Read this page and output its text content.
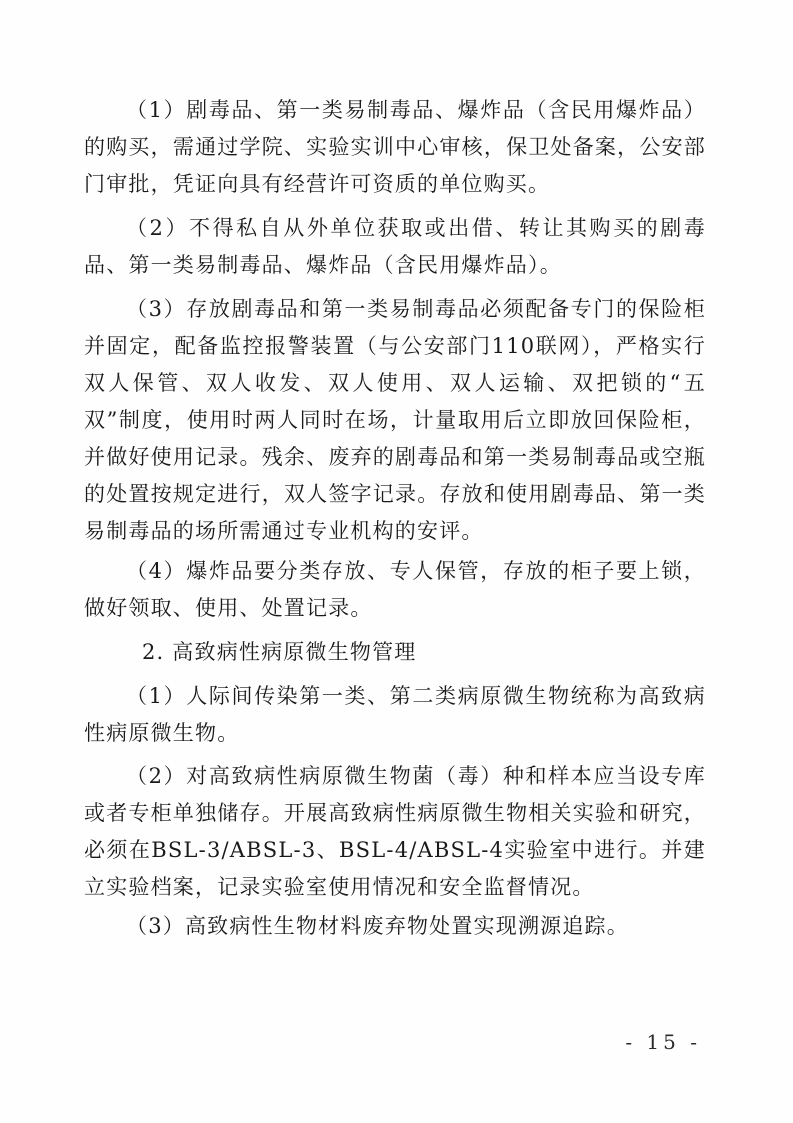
（1）剧毒品、第一类易制毒品、爆炸品（含民用爆炸品）的购买，需通过学院、实验实训中心审核，保卫处备案，公安部门审批，凭证向具有经营许可资质的单位购买。

（2）不得私自从外单位获取或出借、转让其购买的剧毒品、第一类易制毒品、爆炸品（含民用爆炸品）。

（3）存放剧毒品和第一类易制毒品必须配备专门的保险柜并固定，配备监控报警装置（与公安部门110联网），严格实行双人保管、双人收发、双人使用、双人运输、双把锁的“五双”制度，使用时两人同时在场，计量取用后立即放回保险柜，并做好使用记录。残余、废弃的剧毒品和第一类易制毒品或空瓶的处置按规定进行，双人签字记录。存放和使用剧毒品、第一类易制毒品的场所需通过专业机构的安评。

（4）爆炸品要分类存放、专人保管，存放的柜子要上锁，做好领取、使用、处置记录。

2. 高致病性病原微生物管理

（1）人际间传染第一类、第二类病原微生物统称为高致病性病原微生物。

（2）对高致病性病原微生物菌（毒）种和样本应当设专库或者专柜单独储存。开展高致病性病原微生物相关实验和研究，必须在BSL-3/ABSL-3、BSL-4/ABSL-4实验室中进行。并建立实验档案，记录实验室使用情况和安全监督情况。

（3）高致病性生物材料废弃物处置实现溯源追踪。

- 15 -
